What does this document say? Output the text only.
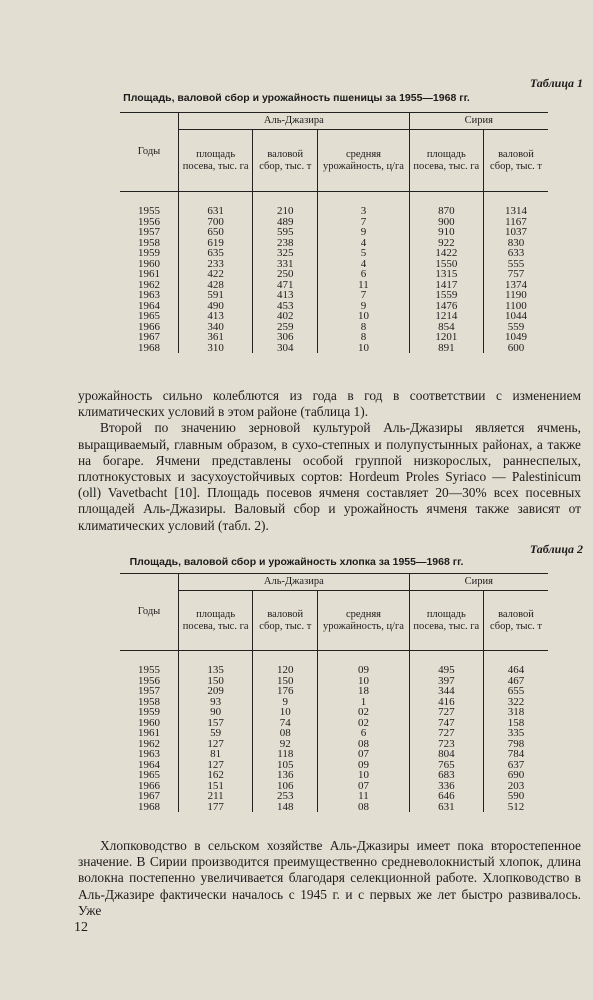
Таблица 1
Площадь, валовой сбор и урожайность пшеницы за 1955—1968 гг.
Годы	Аль-Джазира			Сирия	
	площадь посева, тыс. га	валовой сбор, тыс. т	средняя урожайность, ц/га	площадь посева, тыс. га	валовой сбор, тыс. т

1955	631	210	3	870	1314
1956	700	489	7	900	1167
1957	650	595	9	910	1037
1958	619	238	4	922	830
1959	635	325	5	1422	633
1960	233	331	4	1550	555
1961	422	250	6	1315	757
1962	428	471	11	1417	1374
1963	591	413	7	1559	1190
1964	490	453	9	1476	1100
1965	413	402	10	1214	1044
1966	340	259	8	854	559
1967	361	306	8	1201	1049
1968	310	304	10	891	600

урожайность сильно колеблются из года в год в соответствии с изменением климатических условий в этом районе (таблица 1).

Второй по значению зерновой культурой Аль-Джазиры является ячмень, выращиваемый, главным образом, в сухо-степных и полупустынных районах, а также на богаре. Ячмени представлены особой группой низкорослых, раннеспелых, плотнокустовых и засухоустойчивых сортов: Hordeum Proles Syriaco — Palestinicum (oll) Vavetbacht [10]. Площадь посевов ячменя составляет 20—30% всех посевных площадей Аль-Джазиры. Валовый сбор и урожайность ячменя также зависят от климатических условий (табл. 2).

Таблица 2
Площадь, валовой сбор и урожайность хлопка за 1955—1968 гг.
Годы	Аль-Джазира			Сирия	
	площадь посева, тыс. га	валовой сбор, тыс. т	средняя урожайность, ц/га	площадь посева, тыс. га	валовой сбор, тыс. т

1955	135	120	09	495	464
1956	150	150	10	397	467
1957	209	176	18	344	655
1958	93	9	1	416	322
1959	90	10	02	727	318
1960	157	74	02	747	158
1961	59	08	6	727	335
1962	127	92	08	723	798
1963	81	118	07	804	784
1964	127	105	09	765	637
1965	162	136	10	683	690
1966	151	106	07	336	203
1967	211	253	11	646	590
1968	177	148	08	631	512

Хлопководство в сельском хозяйстве Аль-Джазиры имеет пока второстепенное значение. В Сирии производится преимущественно средневолокнистый хлопок, длина волокна постепенно увеличивается благодаря селекционной работе. Хлопководство в Аль-Джазире фактически началось с 1945 г. и с первых же лет быстро развивалось. Уже

12
